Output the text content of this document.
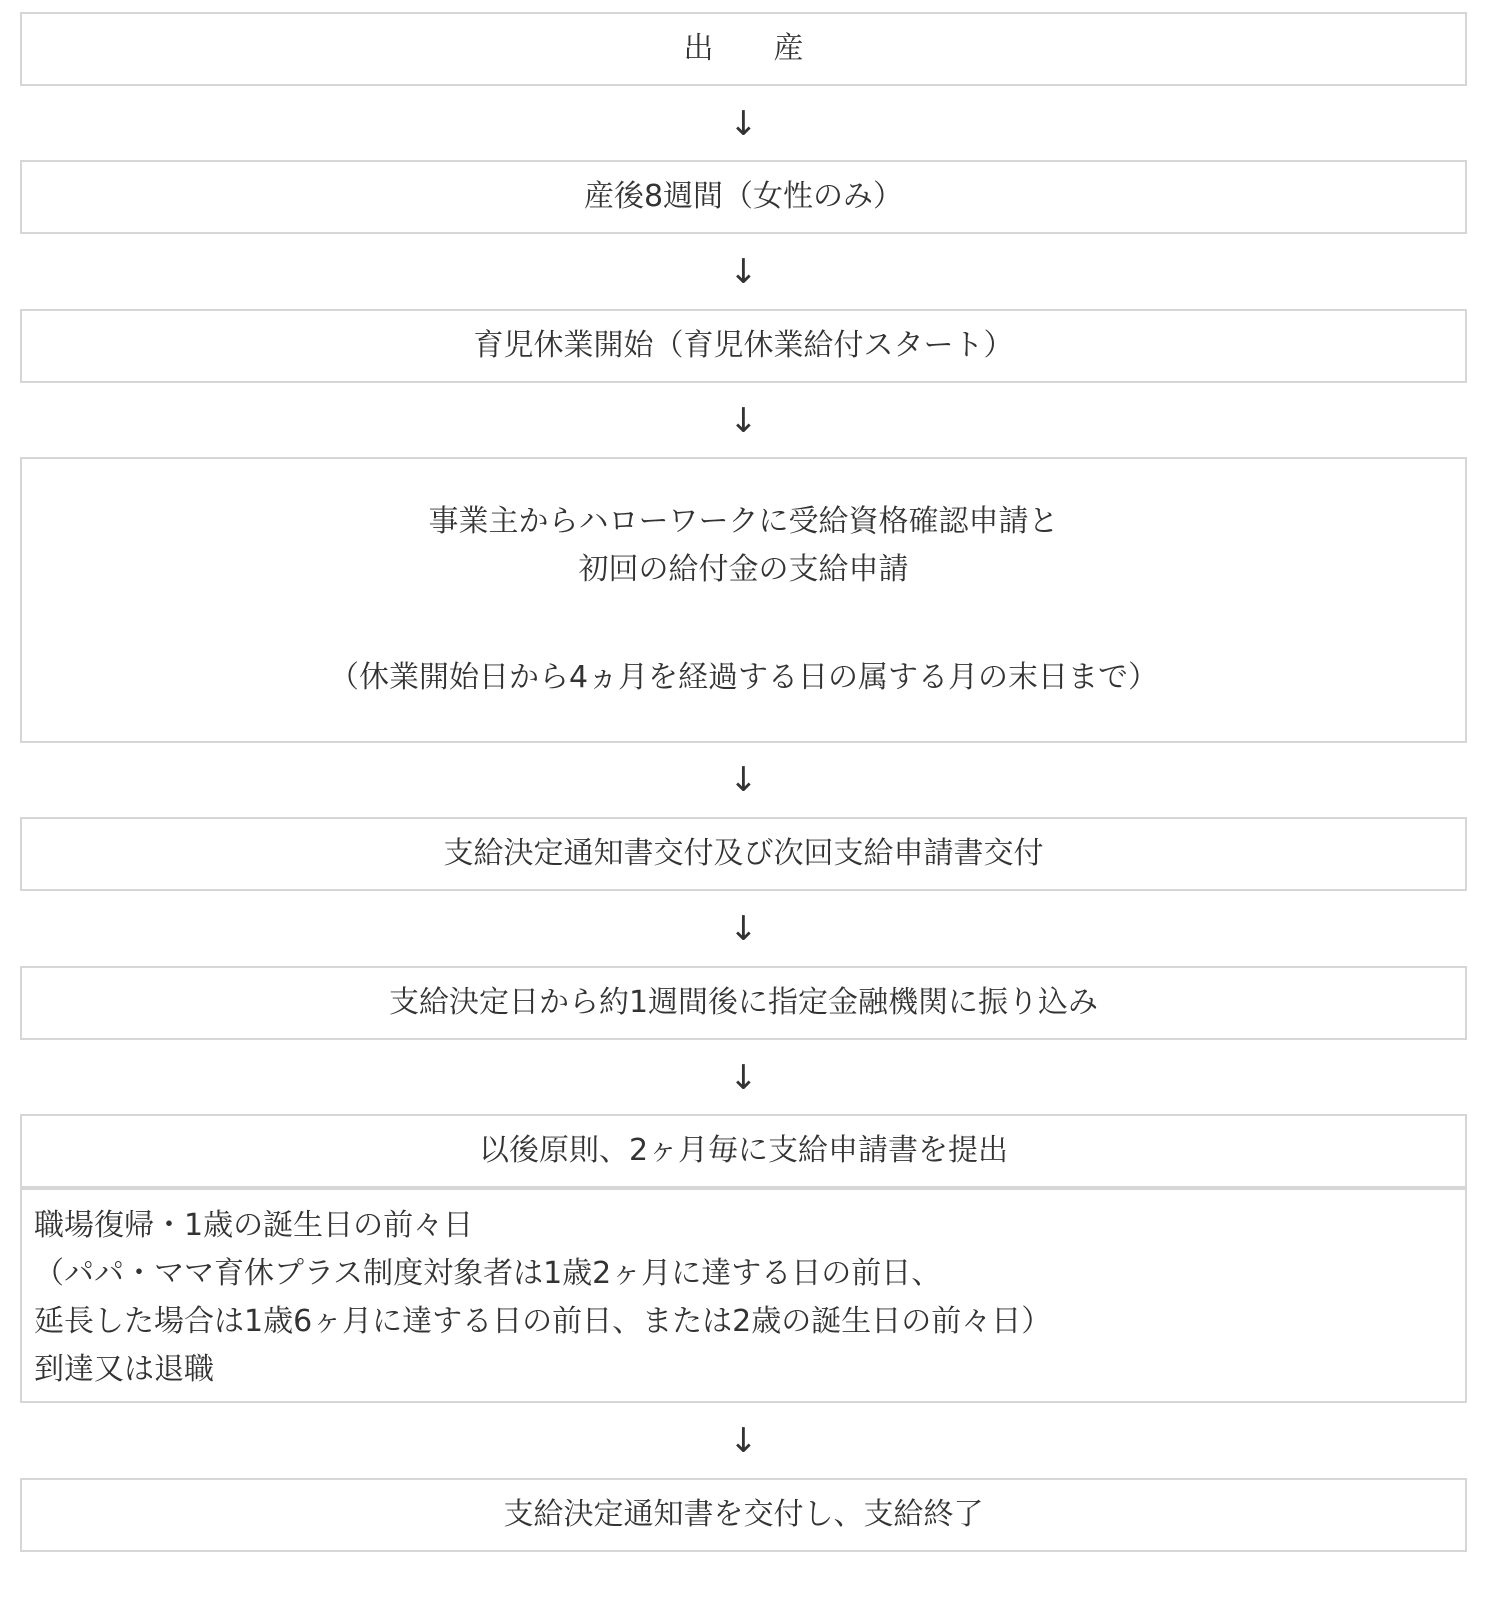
出　　産
↓
産後8週間（女性のみ）
↓
育児休業開始（育児休業給付スタート）
↓
事業主からハローワークに受給資格確認申請と
初回の給付金の支給申請
（休業開始日から4ヵ月を経過する日の属する月の末日まで）
↓
支給決定通知書交付及び次回支給申請書交付
↓
支給決定日から約1週間後に指定金融機関に振り込み
↓
以後原則、2ヶ月毎に支給申請書を提出
職場復帰・1歳の誕生日の前々日
（パパ・ママ育休プラス制度対象者は1歳2ヶ月に達する日の前日、
延長した場合は1歳6ヶ月に達する日の前日、または2歳の誕生日の前々日）
到達又は退職
↓
支給決定通知書を交付し、支給終了
